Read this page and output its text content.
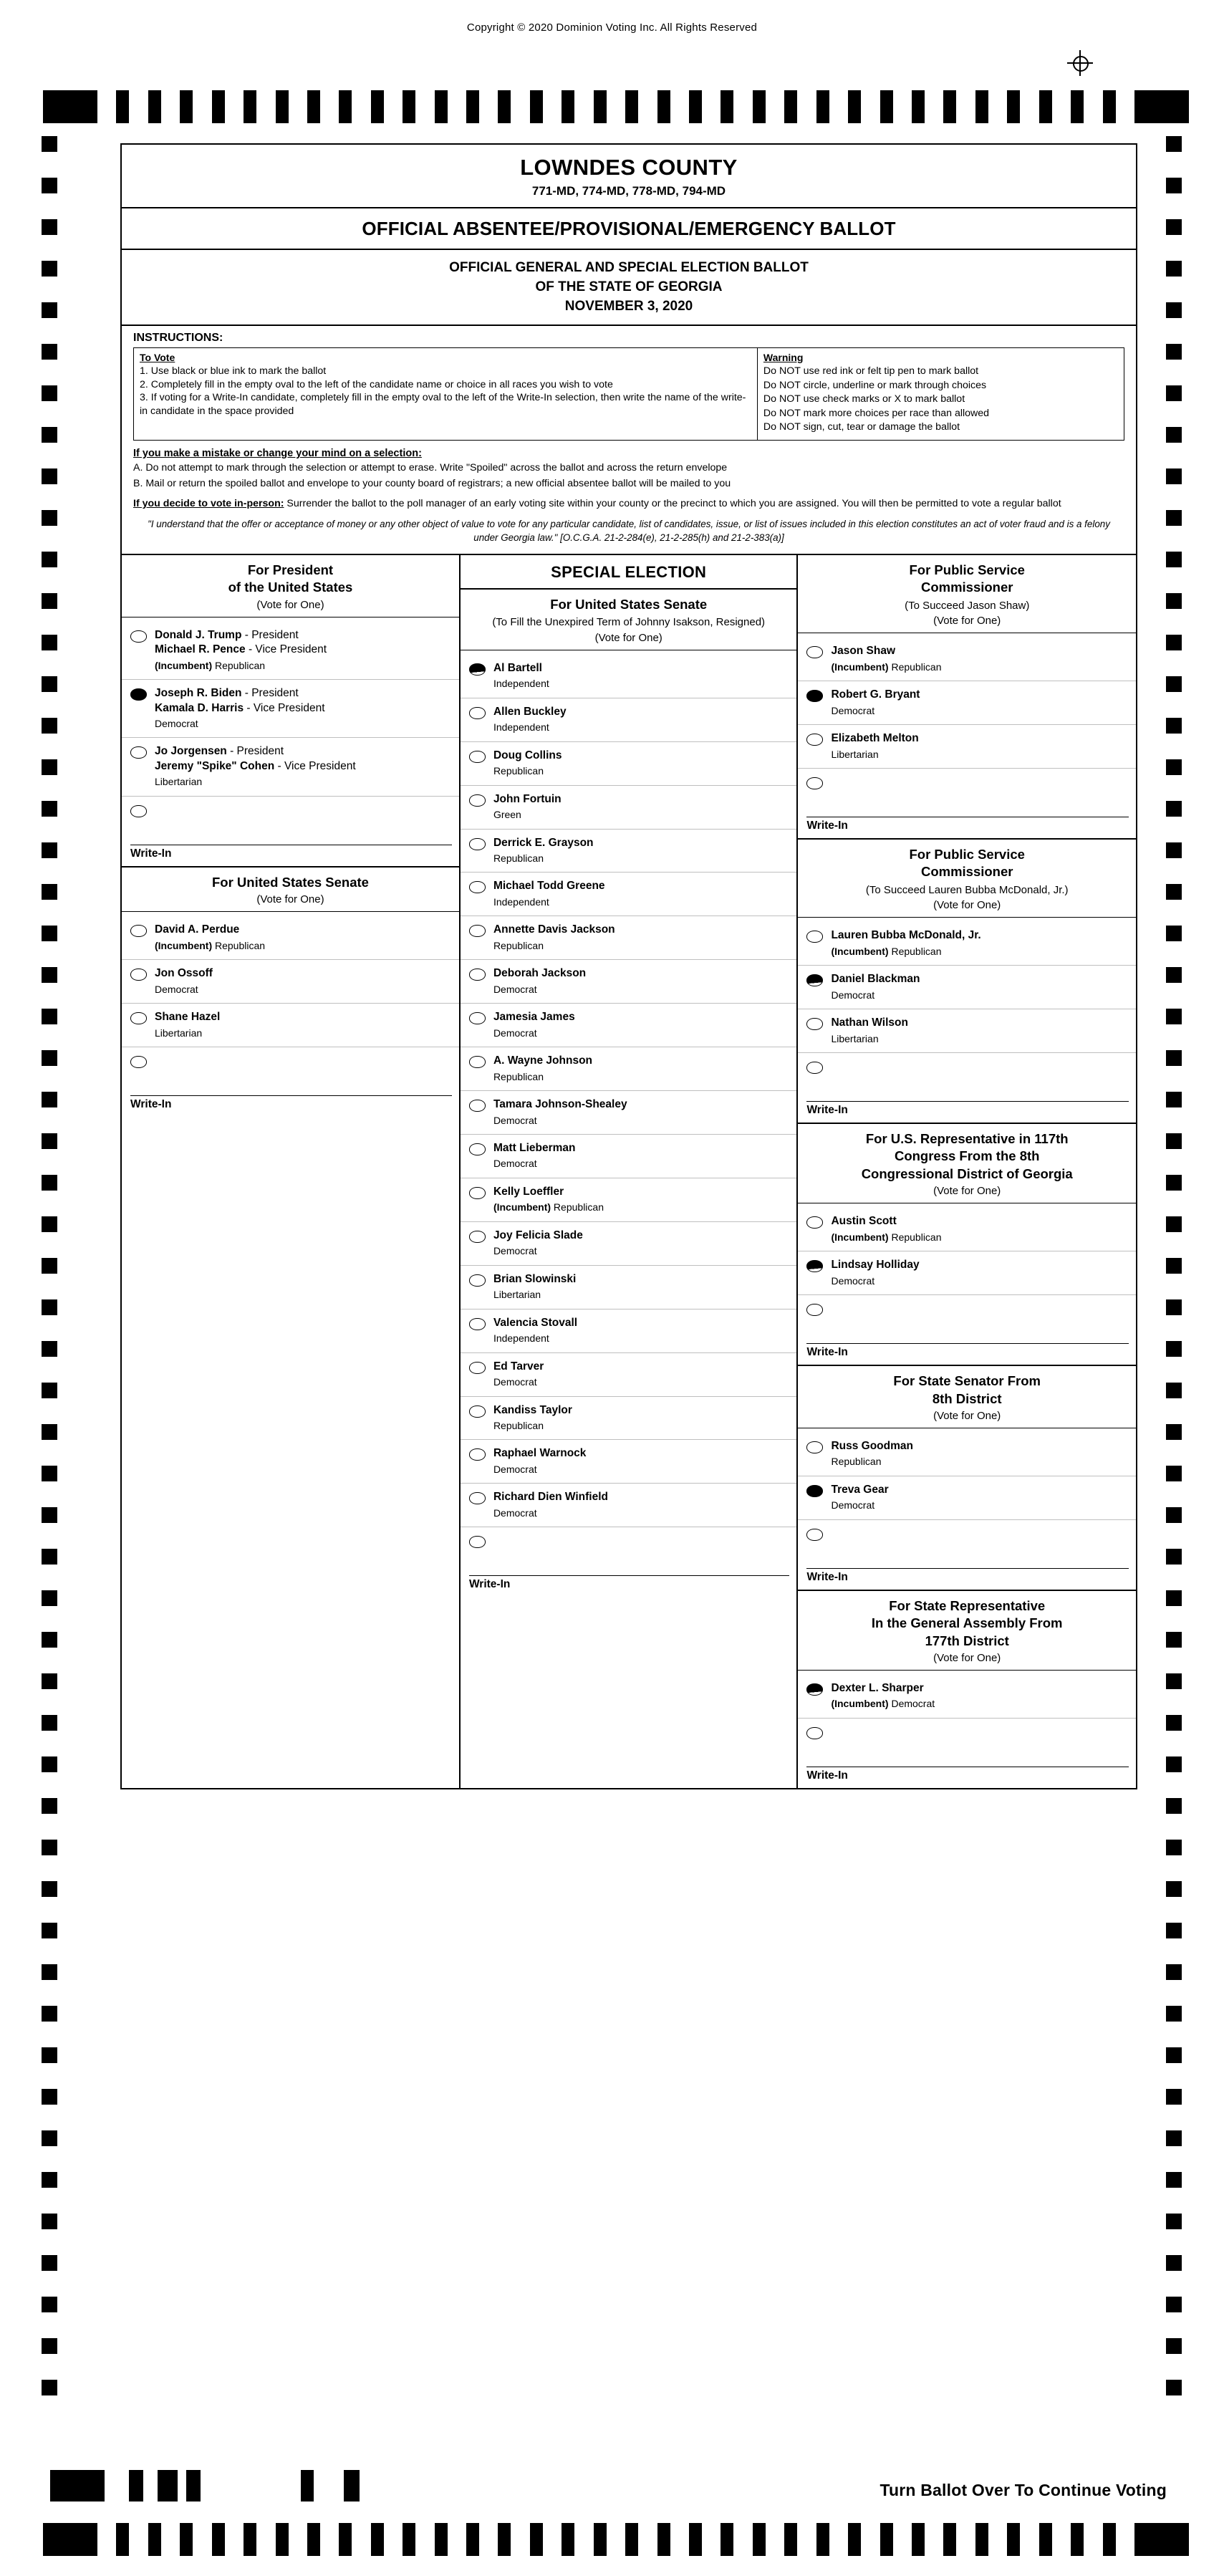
Copyright © 2020 Dominion Voting Inc. All Rights Reserved
+	Turn Ballot Over To Continue Voting
LOWNDES COUNTY
771-MD, 774-MD, 778-MD, 794-MD
OFFICIAL ABSENTEE/PROVISIONAL/EMERGENCY BALLOT
OFFICIAL GENERAL AND SPECIAL ELECTION BALLOT
OF THE STATE OF GEORGIA
NOVEMBER 3, 2020
INSTRUCTIONS:
To Vote
1. Use black or blue ink to mark the ballot
2. Completely fill in the empty oval to the left of the candidate name or choice in all races you wish to vote
3. If voting for a Write-In candidate, completely fill in the empty oval to the left of the Write-In selection, then write the name of the write-in candidate in the space provided
Warning
Do NOT use red ink or felt tip pen to mark ballot
Do NOT circle, underline or mark through choices
Do NOT use check marks or X to mark ballot
Do NOT mark more choices per race than allowed
Do NOT sign, cut, tear or damage the ballot
If you make a mistake or change your mind on a selection:
A. Do not attempt to mark through the selection or attempt to erase. Write "Spoiled" across the ballot and across the return envelope
B. Mail or return the spoiled ballot and envelope to your county board of registrars; a new official absentee ballot will be mailed to you
If you decide to vote in-person: Surrender the ballot to the poll manager of an early voting site within your county or the precinct to which you are assigned. You will then be permitted to vote a regular ballot
"I understand that the offer or acceptance of money or any other object of value to vote for any particular candidate, list of candidates, issue, or list of issues included in this election constitutes an act of voter fraud and is a felony under Georgia law." [O.C.G.A. 21-2-284(e), 21-2-285(h) and 21-2-383(a)]
For President
of the United States
(Vote for One)
Donald J. Trump - President
Michael R. Pence - Vice President
(Incumbent) Republican
Joseph R. Biden - President
Kamala D. Harris - Vice President
Democrat
Jo Jorgensen - President
Jeremy "Spike" Cohen - Vice President
Libertarian
Write-In
For United States Senate
(Vote for One)
David A. Perdue
(Incumbent) Republican
Jon Ossoff
Democrat
Shane Hazel
Libertarian
Write-In
SPECIAL ELECTION
For United States Senate
(To Fill the Unexpired Term of Johnny Isakson, Resigned)
(Vote for One)
Al Bartell
Independent
Allen Buckley
Independent
Doug Collins
Republican
John Fortuin
Green
Derrick E. Grayson
Republican
Michael Todd Greene
Independent
Annette Davis Jackson
Republican
Deborah Jackson
Democrat
Jamesia James
Democrat
A. Wayne Johnson
Republican
Tamara Johnson-Shealey
Democrat
Matt Lieberman
Democrat
Kelly Loeffler
(Incumbent) Republican
Joy Felicia Slade
Democrat
Brian Slowinski
Libertarian
Valencia Stovall
Independent
Ed Tarver
Democrat
Kandiss Taylor
Republican
Raphael Warnock
Democrat
Richard Dien Winfield
Democrat
Write-In
For Public Service
Commissioner
(To Succeed Jason Shaw)
(Vote for One)
Jason Shaw
(Incumbent) Republican
Robert G. Bryant
Democrat
Elizabeth Melton
Libertarian
Write-In
For Public Service
Commissioner
(To Succeed Lauren Bubba McDonald, Jr.)
(Vote for One)
Lauren Bubba McDonald, Jr.
(Incumbent) Republican
Daniel Blackman
Democrat
Nathan Wilson
Libertarian
Write-In
For U.S. Representative in 117th
Congress From the 8th
Congressional District of Georgia
(Vote for One)
Austin Scott
(Incumbent) Republican
Lindsay Holliday
Democrat
Write-In
For State Senator From
8th District
(Vote for One)
Russ Goodman
Republican
Treva Gear
Democrat
Write-In
For State Representative
In the General Assembly From
177th District
(Vote for One)
Dexter L. Sharper
(Incumbent) Democrat
Write-In
